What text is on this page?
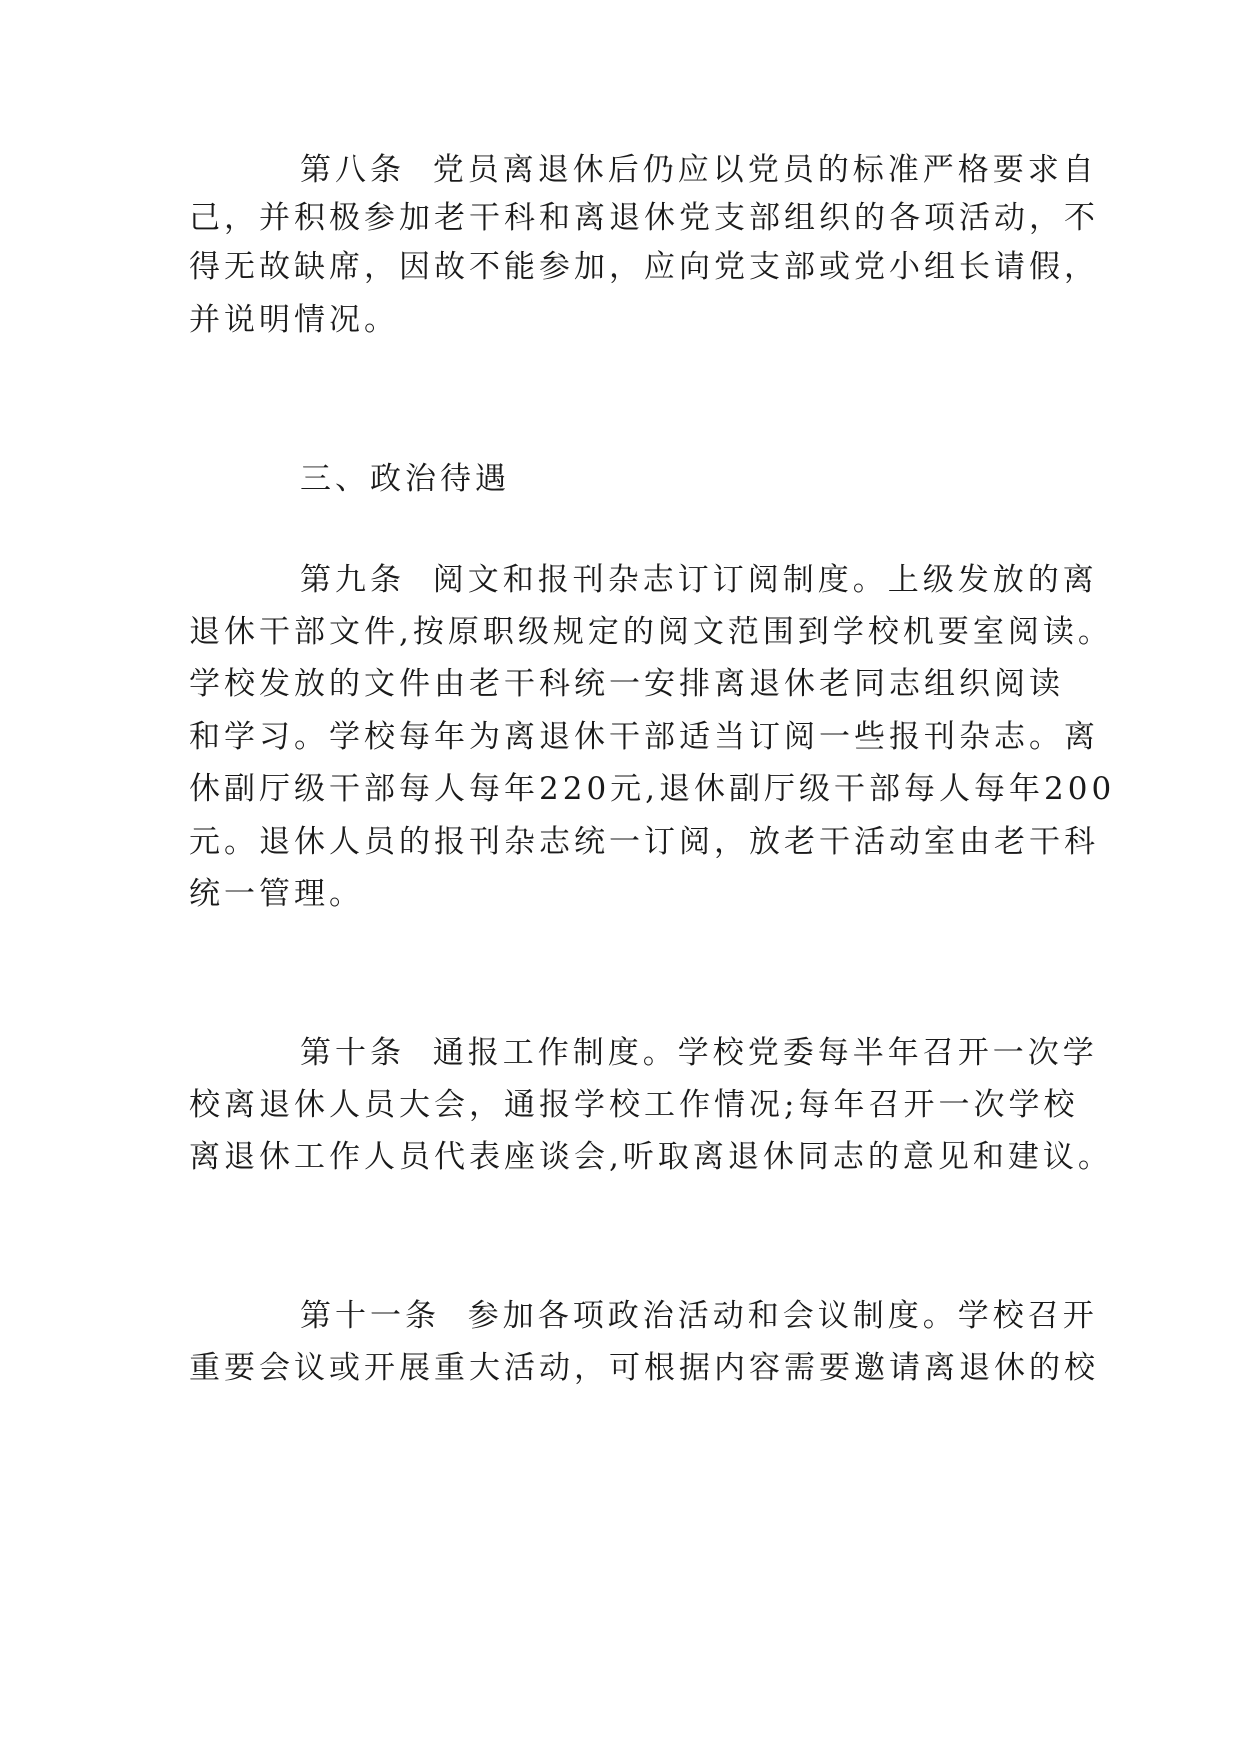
第八条  党员离退休后仍应以党员的标准严格要求自
己，并积极参加老干科和离退休党支部组织的各项活动，不
得无故缺席，因故不能参加，应向党支部或党小组长请假，
并说明情况。
三、政治待遇
第九条  阅文和报刊杂志订订阅制度。上级发放的离
退休干部文件,按原职级规定的阅文范围到学校机要室阅读。
学校发放的文件由老干科统一安排离退休老同志组织阅读
和学习。学校每年为离退休干部适当订阅一些报刊杂志。离
休副厅级干部每人每年220元,退休副厅级干部每人每年200
元。退休人员的报刊杂志统一订阅，放老干活动室由老干科
统一管理。
第十条  通报工作制度。学校党委每半年召开一次学
校离退休人员大会，通报学校工作情况;每年召开一次学校
离退休工作人员代表座谈会,听取离退休同志的意见和建议。
第十一条  参加各项政治活动和会议制度。学校召开
重要会议或开展重大活动，可根据内容需要邀请离退休的校
